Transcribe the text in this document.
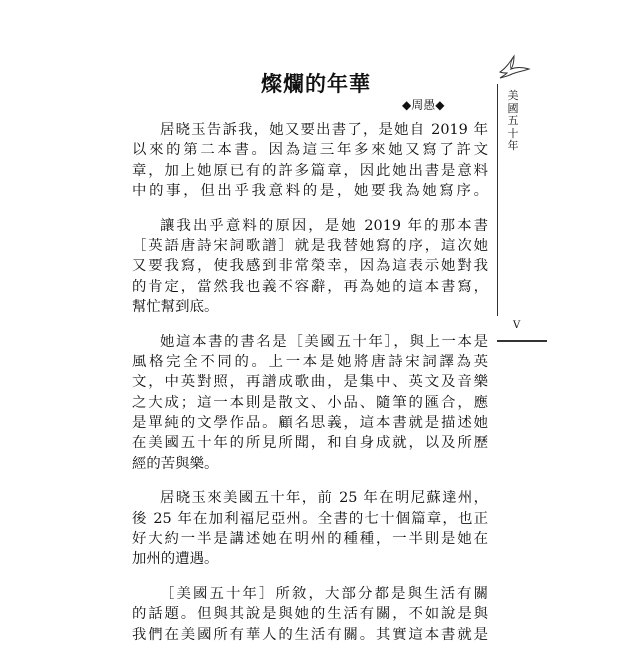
燦爛的年華
◆周愚◆
美國五十年
V
居晓玉告訴我，她又要出書了，是她自 2019 年
以來的第二本書。因為這三年多來她又寫了許文
章，加上她原已有的許多篇章，因此她出書是意料
中的事，但出乎我意料的是，她要我為她寫序。
讓我出乎意料的原因，是她 2019 年的那本書
［英語唐詩宋詞歌譜］就是我替她寫的序，這次她
又要我寫，使我感到非常榮幸，因為這表示她對我
的肯定，當然我也義不容辭，再為她的這本書寫，
幫忙幫到底。
她這本書的書名是［美國五十年］，與上一本是
風格完全不同的。上一本是她將唐詩宋詞譯為英
文，中英對照，再譜成歌曲，是集中、英文及音樂
之大成；這一本則是散文、小品、隨筆的匯合，應
是單純的文學作品。顧名思義，這本書就是描述她
在美國五十年的所見所聞，和自身成就，以及所歷
經的苦與樂。
居晓玉來美國五十年，前 25 年在明尼蘇達州，
後 25 年在加利福尼亞州。全書的七十個篇章，也正
好大約一半是講述她在明州的種種，一半則是她在
加州的遭遇。
［美國五十年］所敘，大部分都是與生活有關
的話題。但與其說是與她的生活有關，不如說是與
我們在美國所有華人的生活有關。其實這本書就是
